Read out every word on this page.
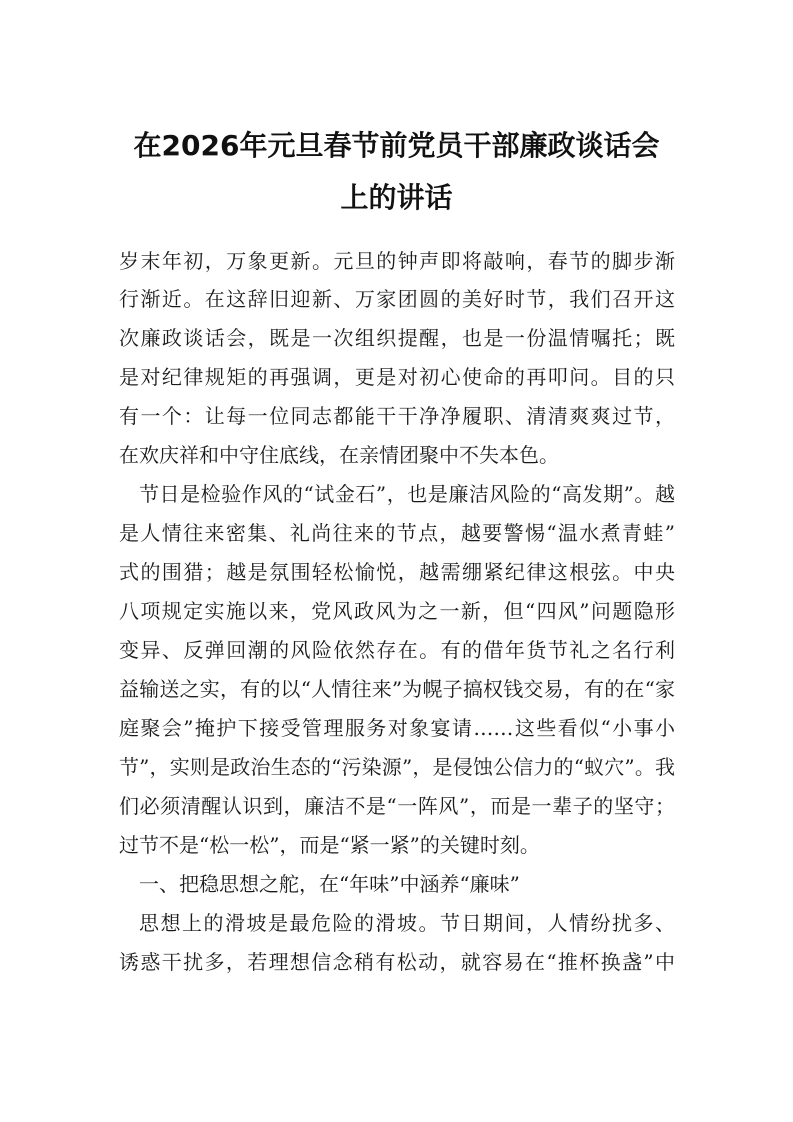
在2026年元旦春节前党员干部廉政谈话会
上的讲话
岁末年初，万象更新。元旦的钟声即将敲响，春节的脚步渐
行渐近。在这辞旧迎新、万家团圆的美好时节，我们召开这
次廉政谈话会，既是一次组织提醒，也是一份温情嘱托；既
是对纪律规矩的再强调，更是对初心使命的再叩问。目的只
有一个：让每一位同志都能干干净净履职、清清爽爽过节，
在欢庆祥和中守住底线，在亲情团聚中不失本色。
节日是检验作风的“试金石”，也是廉洁风险的“高发期”。越
是人情往来密集、礼尚往来的节点，越要警惕“温水煮青蛙”
式的围猎；越是氛围轻松愉悦，越需绷紧纪律这根弦。中央
八项规定实施以来，党风政风为之一新，但“四风”问题隐形
变异、反弹回潮的风险依然存在。有的借年货节礼之名行利
益输送之实，有的以“人情往来”为幌子搞权钱交易，有的在“家
庭聚会”掩护下接受管理服务对象宴请……这些看似“小事小
节”，实则是政治生态的“污染源”，是侵蚀公信力的“蚁穴”。我
们必须清醒认识到，廉洁不是“一阵风”，而是一辈子的坚守；
过节不是“松一松”，而是“紧一紧”的关键时刻。
一、把稳思想之舵，在“年味”中涵养“廉味”
思想上的滑坡是最危险的滑坡。节日期间，人情纷扰多、
诱惑干扰多，若理想信念稍有松动，就容易在“推杯换盏”中
